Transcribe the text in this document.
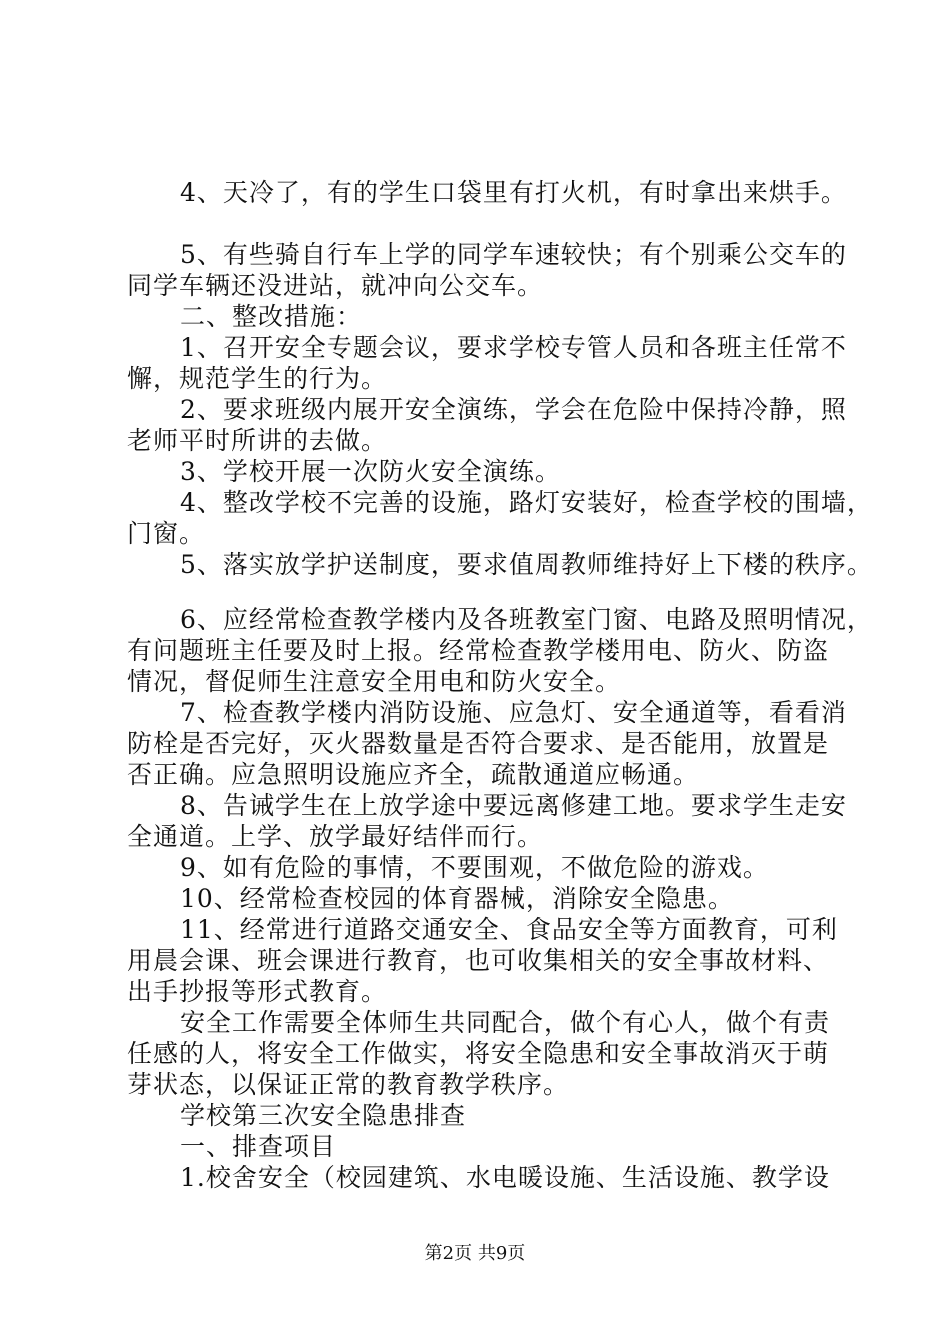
4、天冷了，有的学生口袋里有打火机，有时拿出来烘手。
5、有些骑自行车上学的同学车速较快；有个别乘公交车的
同学车辆还没进站，就冲向公交车。
二、整改措施：
1、召开安全专题会议，要求学校专管人员和各班主任常不
懈，规范学生的行为。
2、要求班级内展开安全演练，学会在危险中保持冷静，照
老师平时所讲的去做。
3、学校开展一次防火安全演练。
4、整改学校不完善的设施，路灯安装好，检查学校的围墙，
门窗。
5、落实放学护送制度，要求值周教师维持好上下楼的秩序。
6、应经常检查教学楼内及各班教室门窗、电路及照明情况，
有问题班主任要及时上报。经常检查教学楼用电、防火、防盗
情况，督促师生注意安全用电和防火安全。
7、检查教学楼内消防设施、应急灯、安全通道等，看看消
防栓是否完好，灭火器数量是否符合要求、是否能用，放置是
否正确。应急照明设施应齐全，疏散通道应畅通。
8、告诫学生在上放学途中要远离修建工地。要求学生走安
全通道。上学、放学最好结伴而行。
9、如有危险的事情，不要围观，不做危险的游戏。
10、经常检查校园的体育器械，消除安全隐患。
11、经常进行道路交通安全、食品安全等方面教育，可利
用晨会课、班会课进行教育，也可收集相关的安全事故材料、
出手抄报等形式教育。
安全工作需要全体师生共同配合，做个有心人，做个有责
任感的人，将安全工作做实，将安全隐患和安全事故消灭于萌
芽状态，以保证正常的教育教学秩序。
学校第三次安全隐患排查
一、排查项目
1.校舍安全（校园建筑、水电暖设施、生活设施、教学设
第2页 共9页
